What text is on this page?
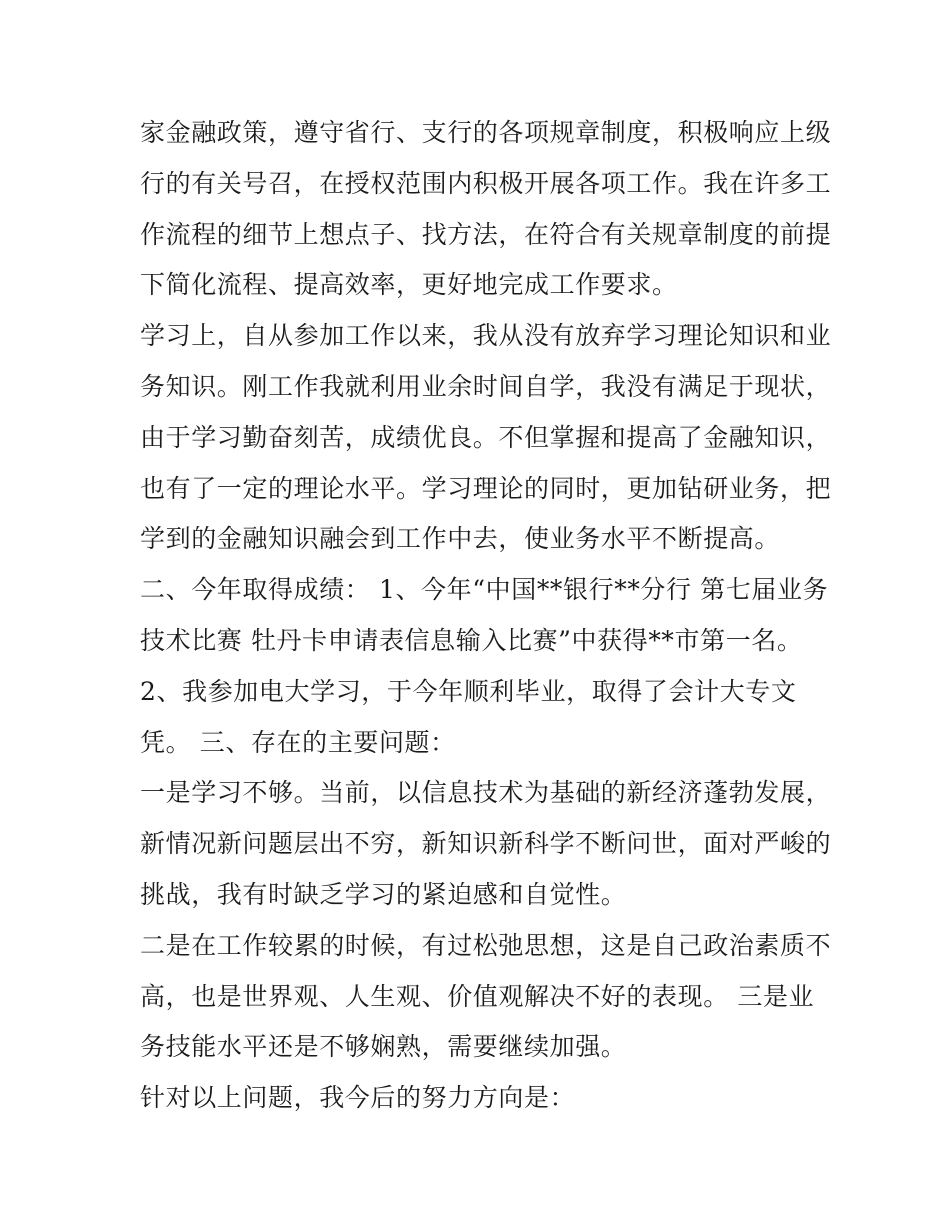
家金融政策，遵守省行、支行的各项规章制度，积极响应上级
行的有关号召，在授权范围内积极开展各项工作。我在许多工
作流程的细节上想点子、找方法，在符合有关规章制度的前提
下简化流程、提高效率，更好地完成工作要求。
学习上，自从参加工作以来，我从没有放弃学习理论知识和业
务知识。刚工作我就利用业余时间自学，我没有满足于现状，
由于学习勤奋刻苦，成绩优良。不但掌握和提高了金融知识，
也有了一定的理论水平。学习理论的同时，更加钻研业务，把
学到的金融知识融会到工作中去，使业务水平不断提高。
二、今年取得成绩： 1、今年“中国**银行**分行 第七届业务
技术比赛 牡丹卡申请表信息输入比赛”中获得**市第一名。
2、我参加电大学习，于今年顺利毕业，取得了会计大专文
凭。 三、存在的主要问题：
一是学习不够。当前，以信息技术为基础的新经济蓬勃发展，
新情况新问题层出不穷，新知识新科学不断问世，面对严峻的
挑战，我有时缺乏学习的紧迫感和自觉性。
二是在工作较累的时候，有过松弛思想，这是自己政治素质不
高，也是世界观、人生观、价值观解决不好的表现。 三是业
务技能水平还是不够娴熟，需要继续加强。
针对以上问题，我今后的努力方向是：
